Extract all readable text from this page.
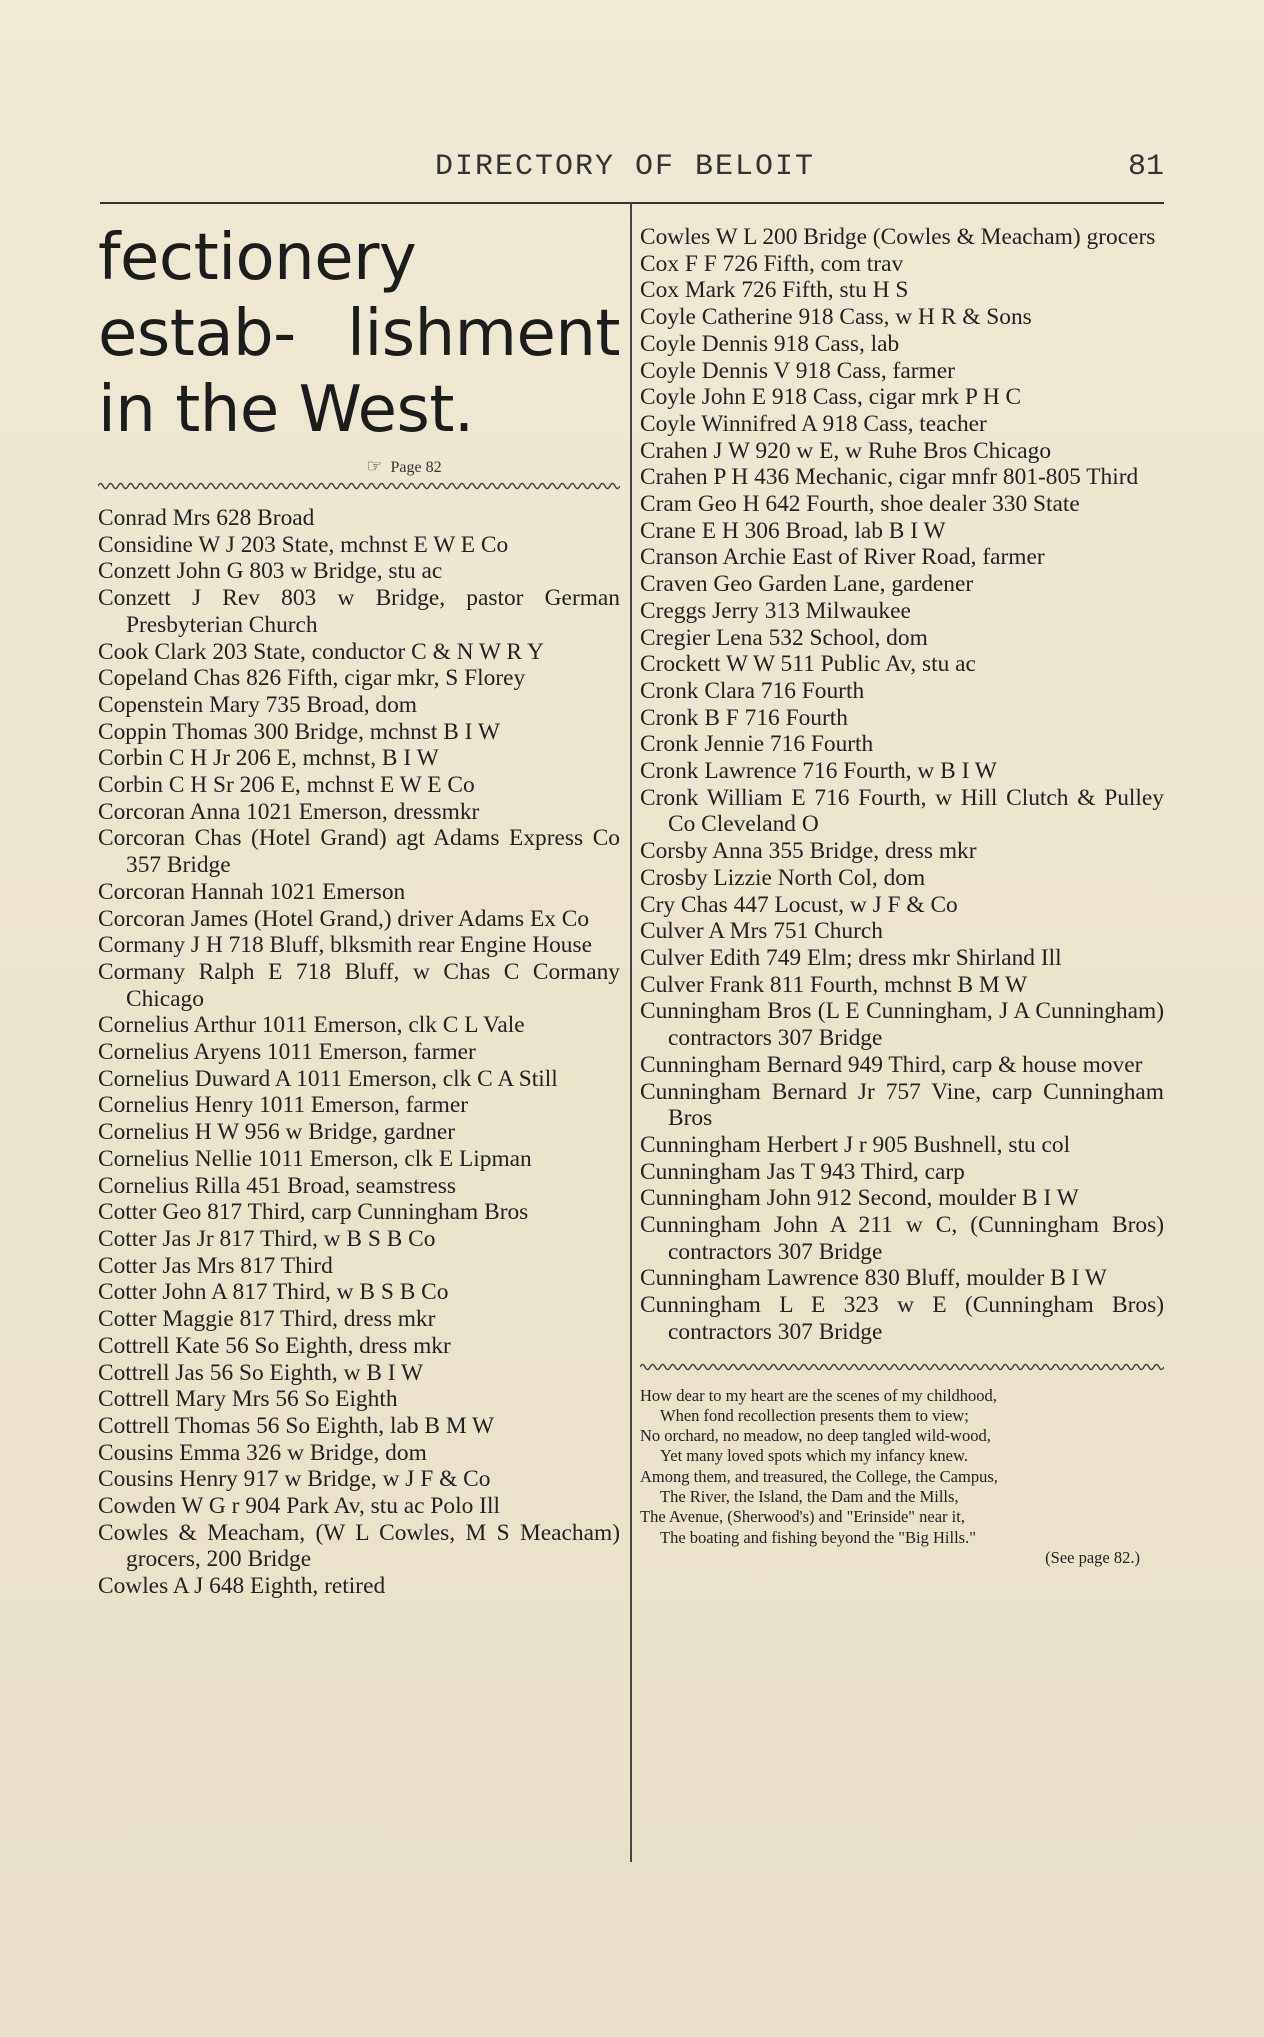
DIRECTORY OF BELOIT	81

fectionery estab- lishment in the West.

☞ Page 82

Conrad Mrs 628 Broad

Considine W J 203 State, mchnst E W E Co

Conzett John G 803 w Bridge, stu ac

Conzett J Rev 803 w Bridge, pastor German Presbyterian Church

Cook Clark 203 State, conductor C & N W R Y

Copeland Chas 826 Fifth, cigar mkr, S Florey

Copenstein Mary 735 Broad, dom

Coppin Thomas 300 Bridge, mchnst B I W

Corbin C H Jr 206 E, mchnst, B I W

Corbin C H Sr 206 E, mchnst E W E Co

Corcoran Anna 1021 Emerson, dressmkr

Corcoran Chas (Hotel Grand) agt Adams Express Co 357 Bridge

Corcoran Hannah 1021 Emerson

Corcoran James (Hotel Grand,) driver Adams Ex Co

Cormany J H 718 Bluff, blksmith rear Engine House

Cormany Ralph E 718 Bluff, w Chas C Cormany Chicago

Cornelius Arthur 1011 Emerson, clk C L Vale

Cornelius Aryens 1011 Emerson, farmer

Cornelius Duward A 1011 Emerson, clk C A Still

Cornelius Henry 1011 Emerson, farmer

Cornelius H W 956 w Bridge, gardner

Cornelius Nellie 1011 Emerson, clk E Lipman

Cornelius Rilla 451 Broad, seamstress

Cotter Geo 817 Third, carp Cunningham Bros

Cotter Jas Jr 817 Third, w B S B Co

Cotter Jas Mrs 817 Third

Cotter John A 817 Third, w B S B Co

Cotter Maggie 817 Third, dress mkr

Cottrell Kate 56 So Eighth, dress mkr

Cottrell Jas 56 So Eighth, w B I W

Cottrell Mary Mrs 56 So Eighth

Cottrell Thomas 56 So Eighth, lab B M W

Cousins Emma 326 w Bridge, dom

Cousins Henry 917 w Bridge, w J F & Co

Cowden W G r 904 Park Av, stu ac Polo Ill

Cowles & Meacham, (W L Cowles, M S Meacham) grocers, 200 Bridge

Cowles A J 648 Eighth, retired

Cowles W L 200 Bridge (Cowles & Meacham) grocers

Cox F F 726 Fifth, com trav

Cox Mark 726 Fifth, stu H S

Coyle Catherine 918 Cass, w H R & Sons

Coyle Dennis 918 Cass, lab

Coyle Dennis V 918 Cass, farmer

Coyle John E 918 Cass, cigar mrk P H C

Coyle Winnifred A 918 Cass, teacher

Crahen J W 920 w E, w Ruhe Bros Chicago

Crahen P H 436 Mechanic, cigar mnfr 801-805 Third

Cram Geo H 642 Fourth, shoe dealer 330 State

Crane E H 306 Broad, lab B I W

Cranson Archie East of River Road, farmer

Craven Geo Garden Lane, gardener

Creggs Jerry 313 Milwaukee

Cregier Lena 532 School, dom

Crockett W W 511 Public Av, stu ac

Cronk Clara 716 Fourth

Cronk B F 716 Fourth

Cronk Jennie 716 Fourth

Cronk Lawrence 716 Fourth, w B I W

Cronk William E 716 Fourth, w Hill Clutch & Pulley Co Cleveland O

Corsby Anna 355 Bridge, dress mkr

Crosby Lizzie North Col, dom

Cry Chas 447 Locust, w J F & Co

Culver A Mrs 751 Church

Culver Edith 749 Elm; dress mkr Shirland Ill

Culver Frank 811 Fourth, mchnst B M W

Cunningham Bros (L E Cunningham, J A Cunningham) contractors 307 Bridge

Cunningham Bernard 949 Third, carp & house mover

Cunningham Bernard Jr 757 Vine, carp Cunningham Bros

Cunningham Herbert J r 905 Bushnell, stu col

Cunningham Jas T 943 Third, carp

Cunningham John 912 Second, moulder B I W

Cunningham John A 211 w C, (Cunningham Bros) contractors 307 Bridge

Cunningham Lawrence 830 Bluff, moulder B I W

Cunningham L E 323 w E (Cunningham Bros) contractors 307 Bridge

How dear to my heart are the scenes of my childhood,

When fond recollection presents them to view;

No orchard, no meadow, no deep tangled wild-wood,

Yet many loved spots which my infancy knew.

Among them, and treasured, the College, the Campus,

The River, the Island, the Dam and the Mills,

The Avenue, (Sherwood's) and "Erinside" near it,

The boating and fishing beyond the "Big Hills."

(See page 82.)
